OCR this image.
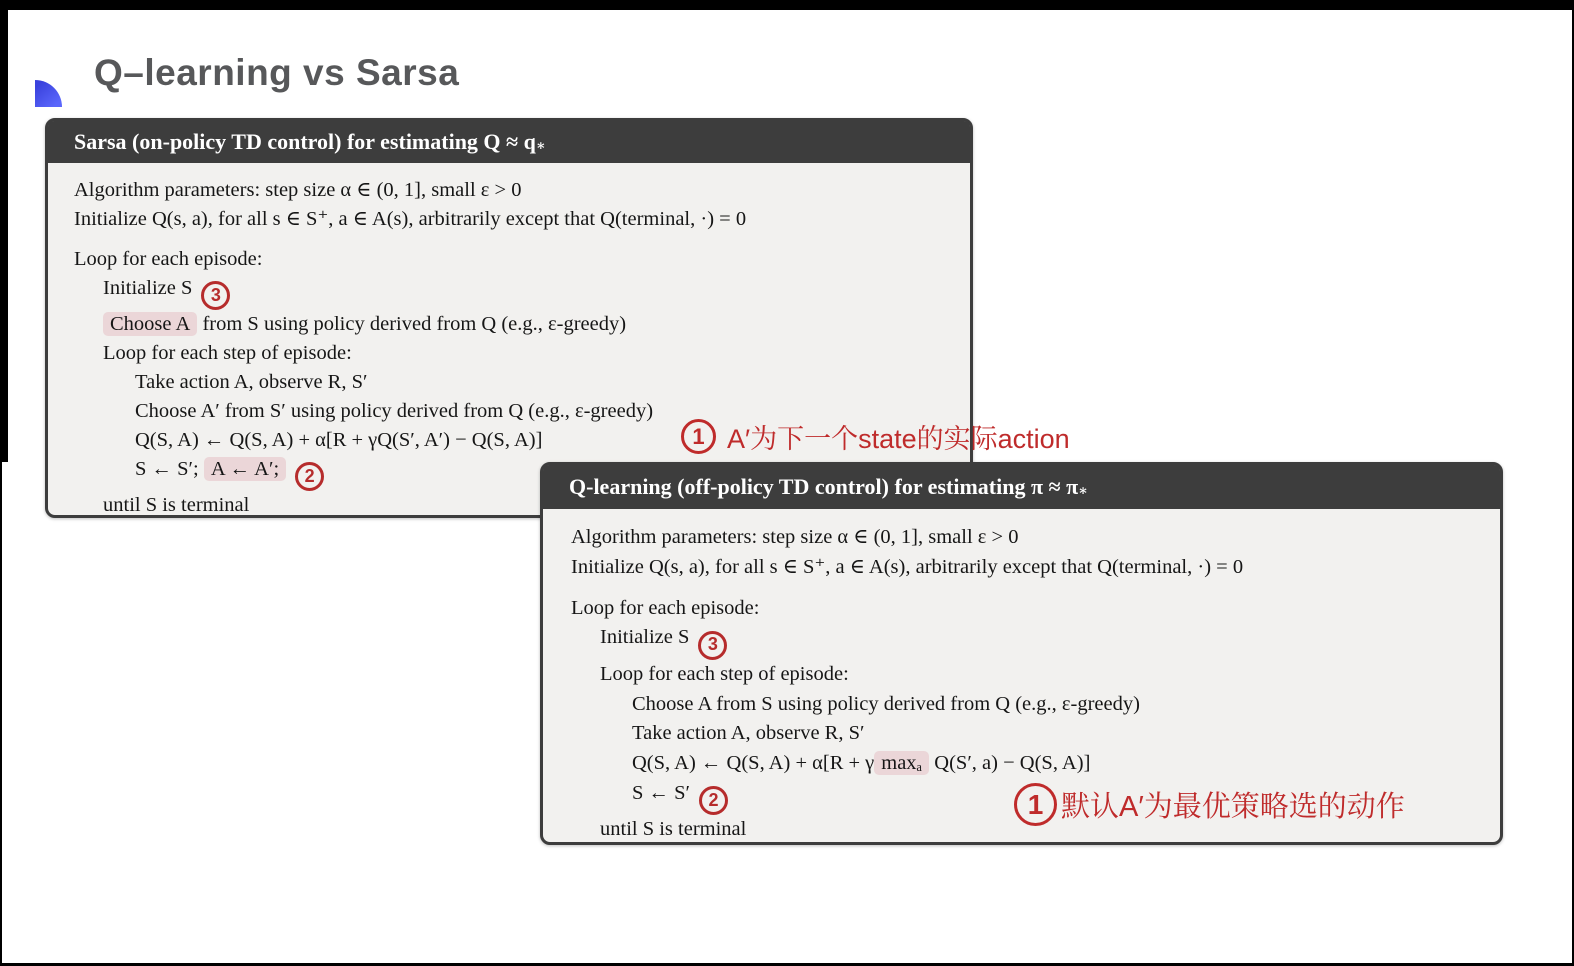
Q–learning vs Sarsa
Sarsa (on-policy TD control) for estimating Q ≈ q ∗
Algorithm parameters: step size α ∈ (0, 1], small ε > 0
Initialize Q(s, a), for all s ∈ S⁺, a ∈ A(s), arbitrarily except that Q(terminal, ·) = 0
Loop for each episode:
Initialize S 3
Choose A from S using policy derived from Q (e.g., ε-greedy)
Loop for each step of episode:
Take action A, observe R, S′
Choose A′ from S′ using policy derived from Q (e.g., ε-greedy)
Q(S, A) ← Q(S, A) + α[R + γQ(S′, A′) − Q(S, A)]
S ← S′; A ← A′; 2
until S is terminal
Q-learning (off-policy TD control) for estimating π ≈ π ∗
Algorithm parameters: step size α ∈ (0, 1], small ε > 0
Initialize Q(s, a), for all s ∈ S⁺, a ∈ A(s), arbitrarily except that Q(terminal, ·) = 0
Loop for each episode:
Initialize S 3
Loop for each step of episode:
Choose A from S using policy derived from Q (e.g., ε-greedy)
Take action A, observe R, S′
Q(S, A) ← Q(S, A) + α[R + γ maxₐ Q(S′, a) − Q(S, A)]
S ← S′ 2
until S is terminal
1 A′为下一个state的实际action
1 默认A′为最优策略选的动作
